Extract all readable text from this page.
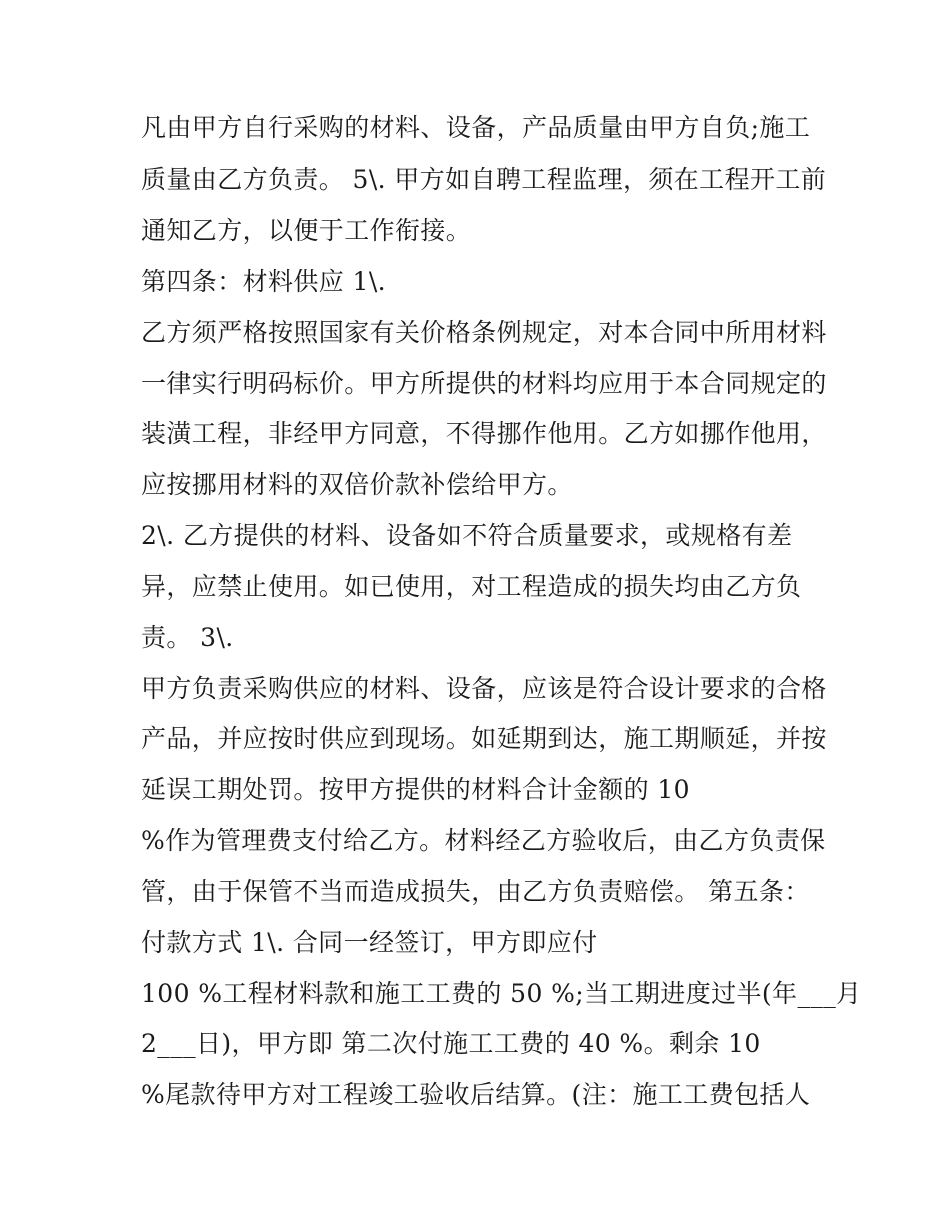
凡由甲方自行采购的材料、设备，产品质量由甲方自负;施工
质量由乙方负责。 5\. 甲方如自聘工程监理，须在工程开工前
通知乙方，以便于工作衔接。
第四条：材料供应 1\.
乙方须严格按照国家有关价格条例规定，对本合同中所用材料
一律实行明码标价。甲方所提供的材料均应用于本合同规定的
装潢工程，非经甲方同意，不得挪作他用。乙方如挪作他用，
应按挪用材料的双倍价款补偿给甲方。
2\. 乙方提供的材料、设备如不符合质量要求，或规格有差
异，应禁止使用。如已使用，对工程造成的损失均由乙方负
责。 3\.
甲方负责采购供应的材料、设备，应该是符合设计要求的合格
产品，并应按时供应到现场。如延期到达，施工期顺延，并按
延误工期处罚。按甲方提供的材料合计金额的 10
%作为管理费支付给乙方。材料经乙方验收后，由乙方负责保
管，由于保管不当而造成损失，由乙方负责赔偿。 第五条：
付款方式 1\. 合同一经签订，甲方即应付
100 %工程材料款和施工工费的 50 %;当工期进度过半(年___月
2___日)，甲方即 第二次付施工工费的 40 %。剩余 10
%尾款待甲方对工程竣工验收后结算。(注：施工工费包括人
